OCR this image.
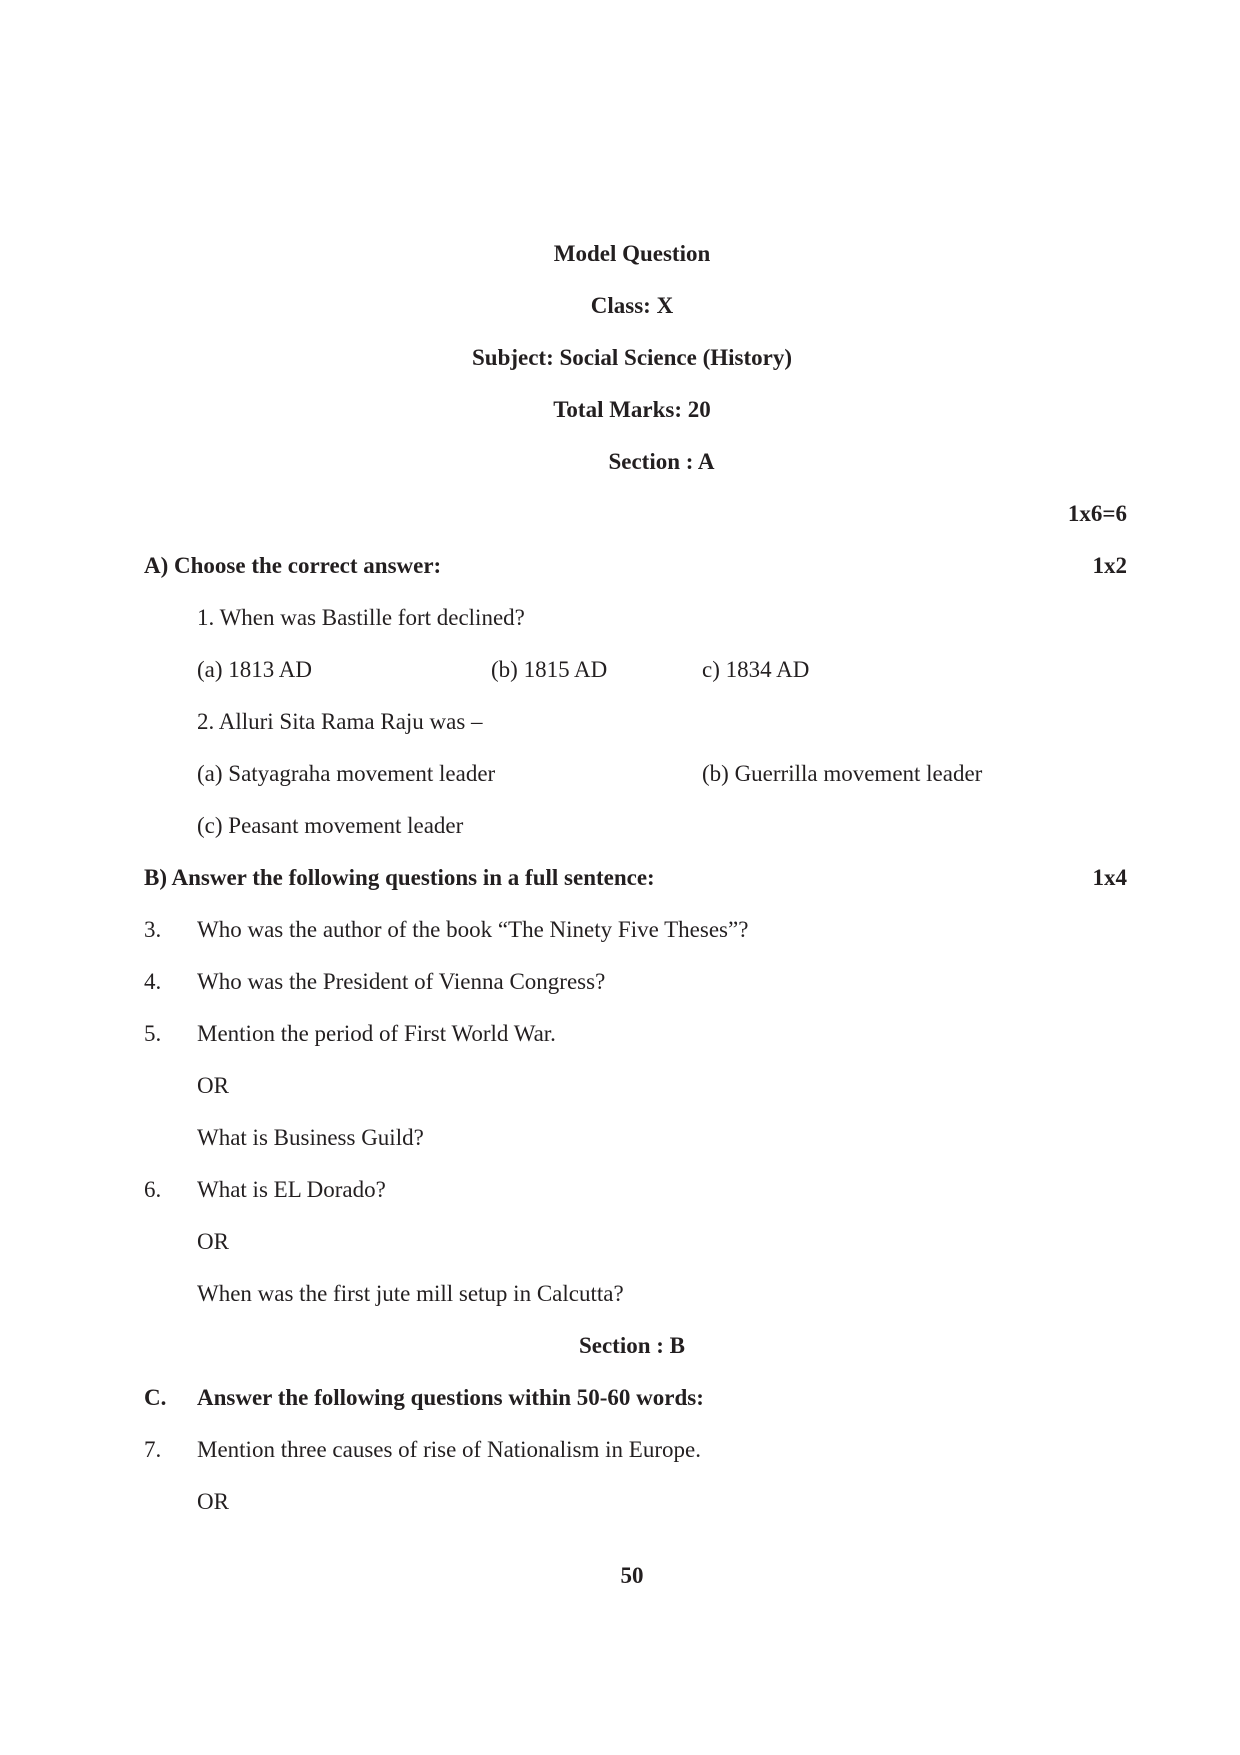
Model Question
Class: X
Subject: Social Science (History)
Total Marks: 20
Section : A
1x6=6
A) Choose the correct answer:	1x2
1. When was Bastille fort declined?
(a) 1813 AD	(b) 1815 AD	c) 1834 AD
2. Alluri Sita Rama Raju was –
(a) Satyagraha movement leader	(b) Guerrilla movement leader
(c) Peasant movement leader
B) Answer the following questions in a full sentence:	1x4
3. Who was the author of the book “The Ninety Five Theses”?
4. Who was the President of Vienna Congress?
5. Mention the period of First World War.
OR
What is Business Guild?
6. What is EL Dorado?
OR
When was the first jute mill setup in Calcutta?
Section : B
C. Answer the following questions within 50-60 words:
7. Mention three causes of rise of Nationalism in Europe.
OR
50
